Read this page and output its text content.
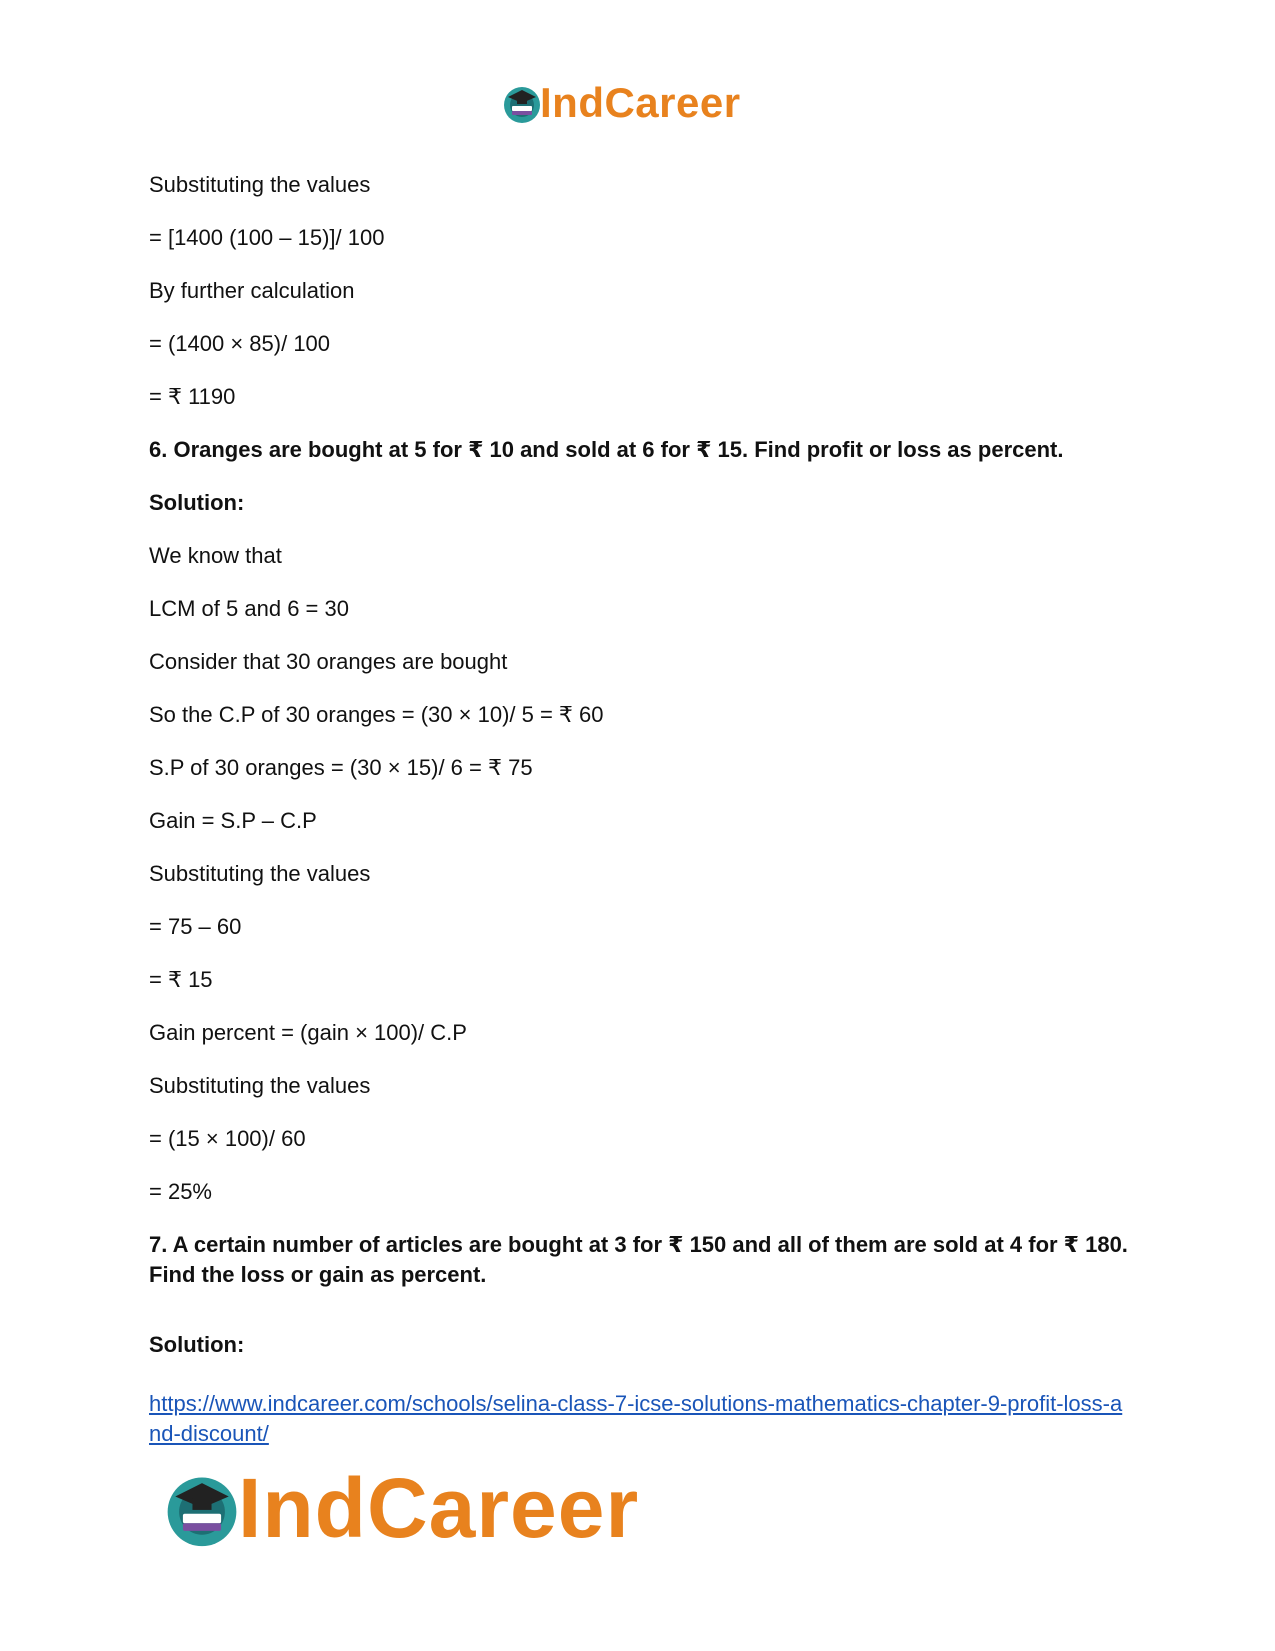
IndCareer
Substituting the values
= [1400 (100 – 15)]/ 100
By further calculation
= (1400 × 85)/ 100
= ₹ 1190
6. Oranges are bought at 5 for ₹ 10 and sold at 6 for ₹ 15. Find profit or loss as percent.
Solution:
We know that
LCM of 5 and 6 = 30
Consider that 30 oranges are bought
So the C.P of 30 oranges = (30 × 10)/ 5 = ₹ 60
S.P of 30 oranges = (30 × 15)/ 6 = ₹ 75
Gain = S.P – C.P
Substituting the values
= 75 – 60
= ₹ 15
Gain percent = (gain × 100)/ C.P
Substituting the values
= (15 × 100)/ 60
= 25%
7. A certain number of articles are bought at 3 for ₹ 150 and all of them are sold at 4 for ₹ 180. Find the loss or gain as percent.
Solution:
https://www.indcareer.com/schools/selina-class-7-icse-solutions-mathematics-chapter-9-profit-loss-and-discount/
IndCareer
